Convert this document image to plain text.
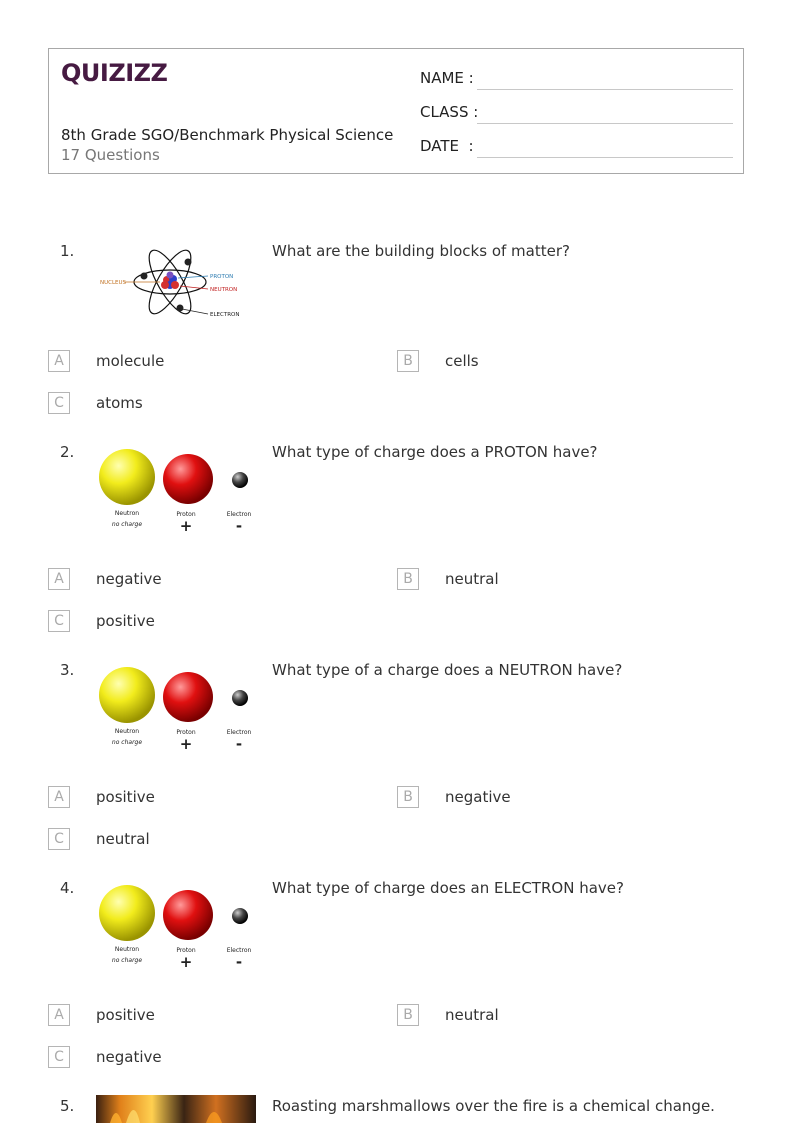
QUIZIZZ
8th Grade SGO/Benchmark Physical Science
17 Questions
NAME :
CLASS :
DATE  :
1.
NUCLEUS
PROTON
NEUTRON
ELECTRON
What are the building blocks of matter?
A	molecule	B	cells
C	atoms
2.
Neutron
no charge
Proton
+
Electron
-
What type of charge does a PROTON have?
A	negative	B	neutral
C	positive
3.
Neutron
no charge
Proton
+
Electron
-
What type of a charge does a NEUTRON have?
A	positive	B	negative
C	neutral
4.
Neutron
no charge
Proton
+
Electron
-
What type of charge does an ELECTRON have?
A	positive	B	neutral
C	negative
5.	Roasting marshmallows over the fire is a chemical change.
